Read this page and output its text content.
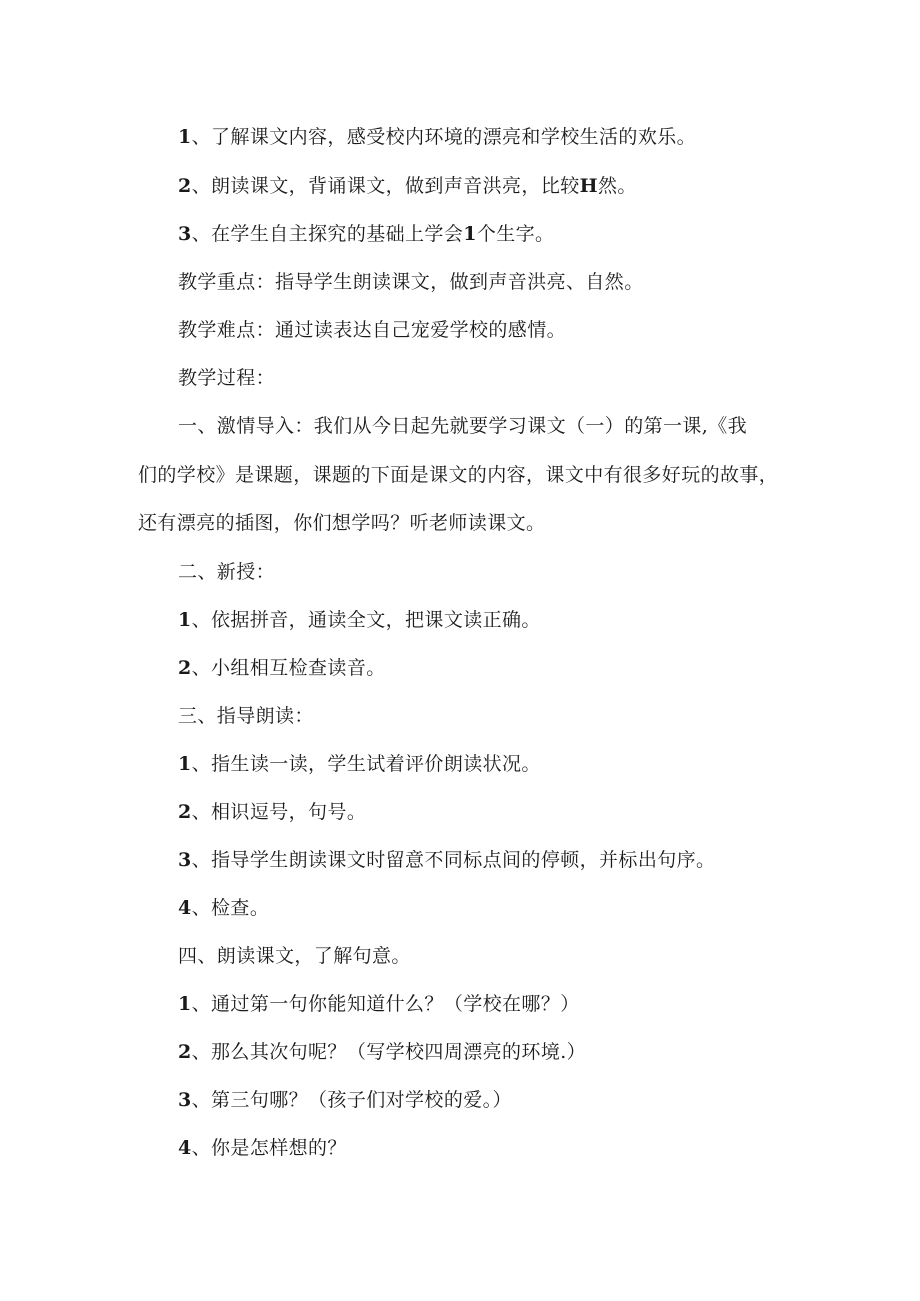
1、了解课文内容，感受校内环境的漂亮和学校生活的欢乐。
2、朗读课文，背诵课文，做到声音洪亮，比较H然。
3、在学生自主探究的基础上学会1个生字。
教学重点：指导学生朗读课文，做到声音洪亮、自然。
教学难点：通过读表达自己宠爱学校的感情。
教学过程：
一、激情导入：我们从今日起先就要学习课文（一）的第一课,《我
们的学校》是课题，课题的下面是课文的内容，课文中有很多好玩的故事，
还有漂亮的插图，你们想学吗？听老师读课文。
二、新授：
1、依据拼音，通读全文，把课文读正确。
2、小组相互检查读音。
三、指导朗读：
1、指生读一读，学生试着评价朗读状况。
2、相识逗号，句号。
3、指导学生朗读课文时留意不同标点间的停顿，并标出句序。
4、检查。
四、朗读课文，了解句意。
1、通过第一句你能知道什么？（学校在哪？）
2、那么其次句呢？（写学校四周漂亮的环境.）
3、第三句哪？（孩子们对学校的爱。）
4、你是怎样想的？
